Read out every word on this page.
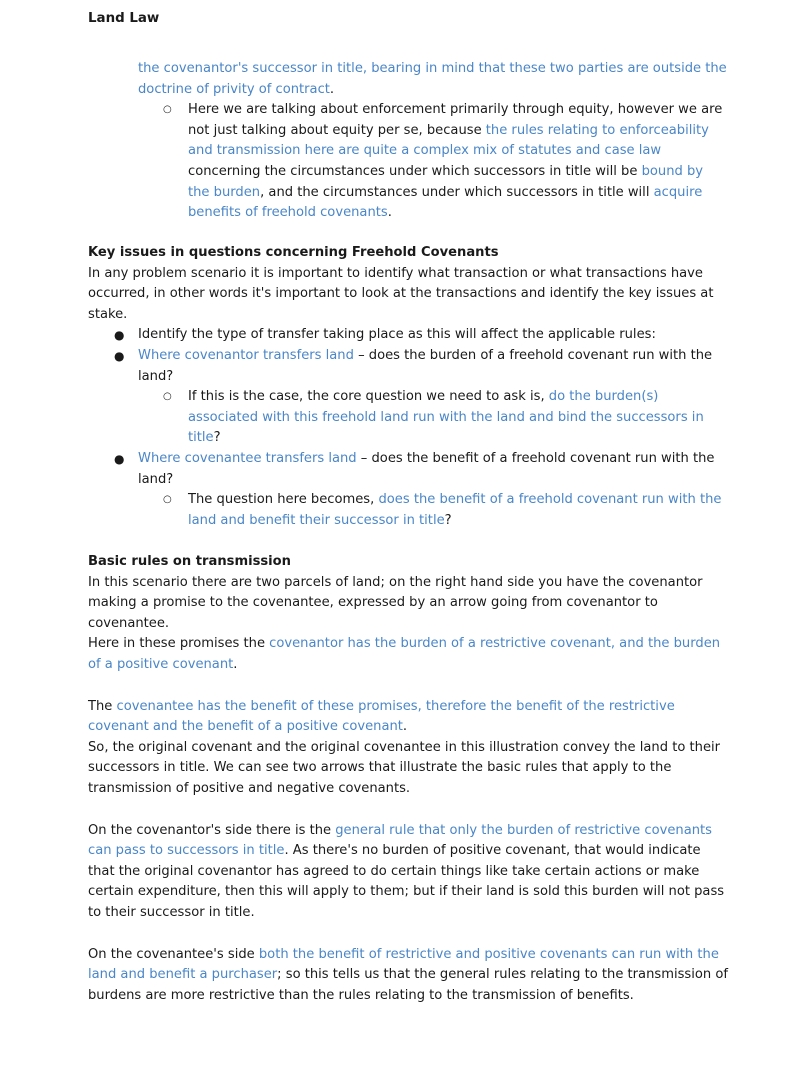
Land Law

the covenantor's successor in title, bearing in mind that these two parties are outside the doctrine of privity of contract.

○ Here we are talking about enforcement primarily through equity, however we are not just talking about equity per se, because the rules relating to enforceability and transmission here are quite a complex mix of statutes and case law concerning the circumstances under which successors in title will be bound by the burden, and the circumstances under which successors in title will acquire benefits of freehold covenants.

Key issues in questions concerning Freehold Covenants

In any problem scenario it is important to identify what transaction or what transactions have occurred, in other words it's important to look at the transactions and identify the key issues at stake.

● Identify the type of transfer taking place as this will affect the applicable rules:

● Where covenantor transfers land – does the burden of a freehold covenant run with the land?

○ If this is the case, the core question we need to ask is, do the burden(s) associated with this freehold land run with the land and bind the successors in title?

● Where covenantee transfers land – does the benefit of a freehold covenant run with the land?

○ The question here becomes, does the benefit of a freehold covenant run with the land and benefit their successor in title?

Basic rules on transmission

In this scenario there are two parcels of land; on the right hand side you have the covenantor making a promise to the covenantee, expressed by an arrow going from covenantor to covenantee.

Here in these promises the covenantor has the burden of a restrictive covenant, and the burden of a positive covenant.

The covenantee has the benefit of these promises, therefore the benefit of the restrictive covenant and the benefit of a positive covenant.

So, the original covenant and the original covenantee in this illustration convey the land to their successors in title. We can see two arrows that illustrate the basic rules that apply to the transmission of positive and negative covenants.

On the covenantor's side there is the general rule that only the burden of restrictive covenants can pass to successors in title. As there's no burden of positive covenant, that would indicate that the original covenantor has agreed to do certain things like take certain actions or make certain expenditure, then this will apply to them; but if their land is sold this burden will not pass to their successor in title.

On the covenantee's side both the benefit of restrictive and positive covenants can run with the land and benefit a purchaser; so this tells us that the general rules relating to the transmission of burdens are more restrictive than the rules relating to the transmission of benefits.
